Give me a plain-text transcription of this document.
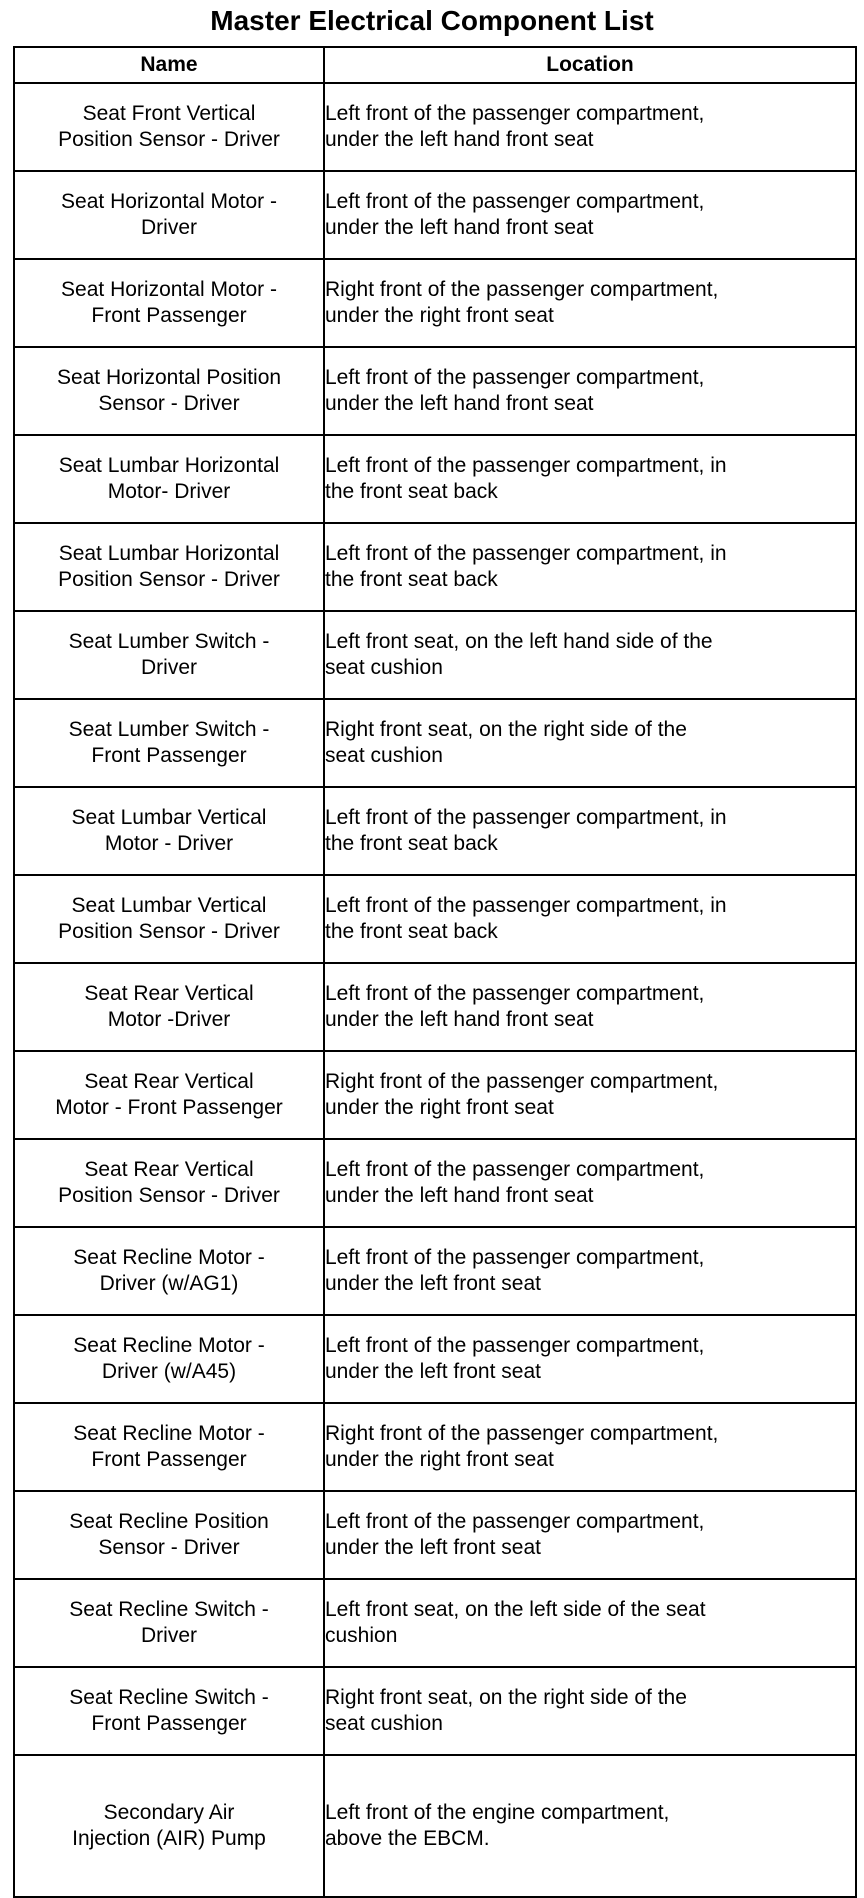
Master Electrical Component List
Name	Location

Seat Front Vertical
Position Sensor - Driver	Left front of the passenger compartment,
under the left hand front seat

Seat Horizontal Motor -
Driver	Left front of the passenger compartment,
under the left hand front seat

Seat Horizontal Motor -
Front Passenger	Right front of the passenger compartment,
under the right front seat

Seat Horizontal Position
Sensor - Driver	Left front of the passenger compartment,
under the left hand front seat

Seat Lumbar Horizontal
Motor- Driver	Left front of the passenger compartment, in
the front seat back

Seat Lumbar Horizontal
Position Sensor - Driver	Left front of the passenger compartment, in
the front seat back

Seat Lumber Switch -
Driver	Left front seat, on the left hand side of the
seat cushion

Seat Lumber Switch -
Front Passenger	Right front seat, on the right side of the
seat cushion

Seat Lumbar Vertical
Motor - Driver	Left front of the passenger compartment, in
the front seat back

Seat Lumbar Vertical
Position Sensor - Driver	Left front of the passenger compartment, in
the front seat back

Seat Rear Vertical
Motor -Driver	Left front of the passenger compartment,
under the left hand front seat

Seat Rear Vertical
Motor - Front Passenger	Right front of the passenger compartment,
under the right front seat

Seat Rear Vertical
Position Sensor - Driver	Left front of the passenger compartment,
under the left hand front seat

Seat Recline Motor -
Driver (w/AG1)	Left front of the passenger compartment,
under the left front seat

Seat Recline Motor -
Driver (w/A45)	Left front of the passenger compartment,
under the left front seat

Seat Recline Motor -
Front Passenger	Right front of the passenger compartment,
under the right front seat

Seat Recline Position
Sensor - Driver	Left front of the passenger compartment,
under the left front seat

Seat Recline Switch -
Driver	Left front seat, on the left side of the seat
cushion

Seat Recline Switch -
Front Passenger	Right front seat, on the right side of the
seat cushion

Secondary Air
Injection (AIR) Pump	Left front of the engine compartment,
above the EBCM.
